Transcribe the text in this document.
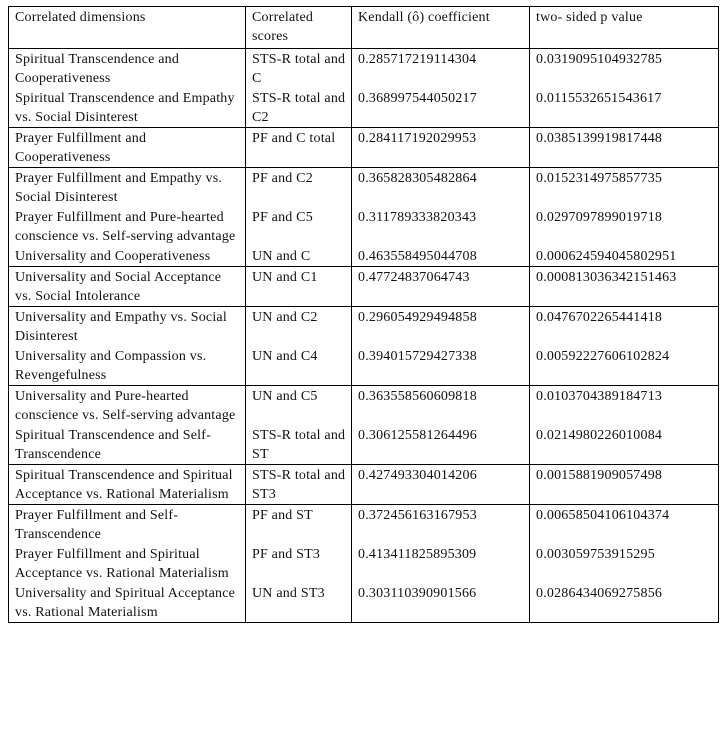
Correlated dimensions	Correlated scores	Kendall (ô) coefficient	two- sided p value
Spiritual Transcendence and Cooperativeness	STS-R total and C	0.285717219114304	0.0319095104932785
Spiritual Transcendence and Empathy vs. Social Disinterest	STS-R total and C2	0.368997544050217	0.0115532651543617
Prayer Fulfillment and Cooperativeness	PF and C total	0.284117192029953	0.0385139919817448
Prayer Fulfillment and Empathy vs. Social Disinterest	PF and C2	0.365828305482864	0.0152314975857735
Prayer Fulfillment and Pure-hearted conscience vs. Self-serving advantage	PF and C5	0.311789333820343	0.0297097899019718
Universality and Cooperativeness	UN and C	0.463558495044708	0.000624594045802951
Universality and Social Acceptance vs. Social Intolerance	UN and C1	0.47724837064743	0.000813036342151463
Universality and Empathy vs. Social Disinterest	UN and C2	0.296054929494858	0.0476702265441418
Universality and Compassion vs. Revengefulness	UN and C4	0.394015729427338	0.00592227606102824
Universality and Pure-hearted conscience vs. Self-serving advantage	UN and C5	0.363558560609818	0.0103704389184713
Spiritual Transcendence and Self-Transcendence	STS-R total and ST	0.306125581264496	0.0214980226010084
Spiritual Transcendence and Spiritual Acceptance vs. Rational Materialism	STS-R total and ST3	0.427493304014206	0.0015881909057498
Prayer Fulfillment and Self-Transcendence	PF and ST	0.372456163167953	0.00658504106104374
Prayer Fulfillment and Spiritual Acceptance vs. Rational Materialism	PF and ST3	0.413411825895309	0.003059753915295
Universality and Spiritual Acceptance vs. Rational Materialism	UN and ST3	0.303110390901566	0.0286434069275856
